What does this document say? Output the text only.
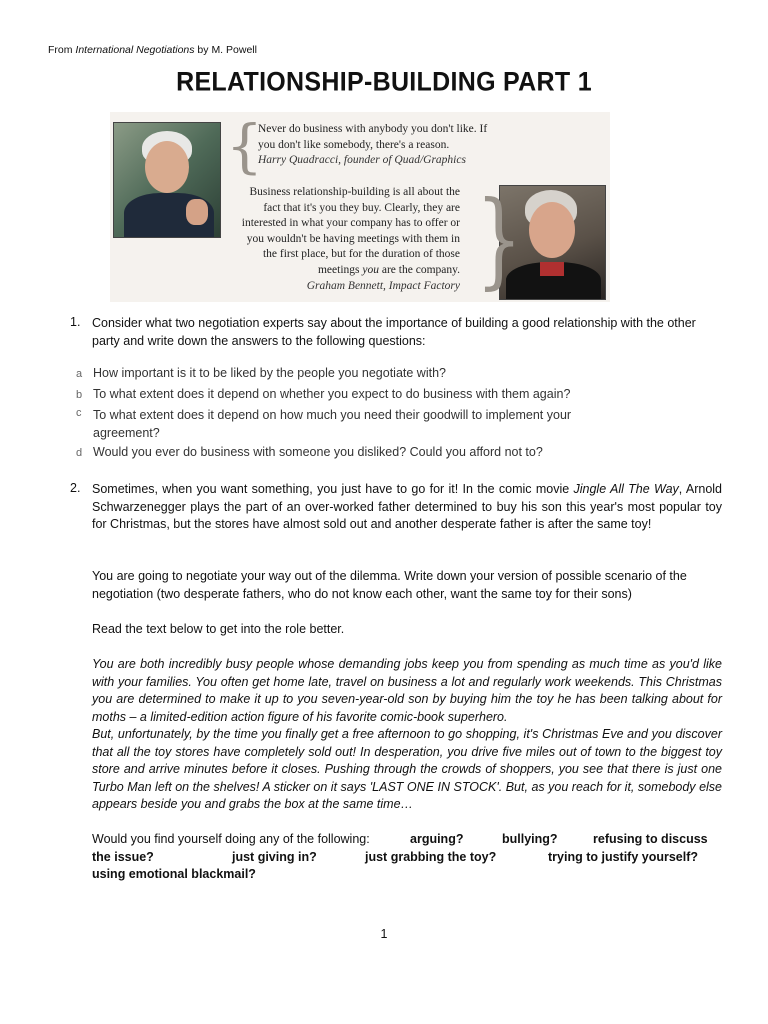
From International Negotiations by M. Powell
RELATIONSHIP-BUILDING PART 1
{
}
Never do business with anybody you don't like. If you don't like somebody, there's a reason.
Harry Quadracci, founder of Quad/Graphics
Business relationship-building is all about the fact that it's you they buy. Clearly, they are interested in what your company has to offer or you wouldn't be having meetings with them in the first place, but for the duration of those meetings you are the company.
Graham Bennett, Impact Factory
1. Consider what two negotiation experts say about the importance of building a good relationship with the other party and write down the answers to the following questions:
a How important is it to be liked by the people you negotiate with?
b To what extent does it depend on whether you expect to do business with them again?
c To what extent does it depend on how much you need their goodwill to implement your agreement?
d Would you ever do business with someone you disliked? Could you afford not to?
2. Sometimes, when you want something, you just have to go for it! In the comic movie Jingle All The Way, Arnold Schwarzenegger plays the part of an over-worked father determined to buy his son this year's most popular toy for Christmas, but the stores have almost sold out and another desperate father is after the same toy!
You are going to negotiate your way out of the dilemma. Write down your version of possible scenario of the negotiation (two desperate fathers, who do not know each other, want the same toy for their sons)
Read the text below to get into the role better.
You are both incredibly busy people whose demanding jobs keep you from spending as much time as you'd like with your families. You often get home late, travel on business a lot and regularly work weekends. This Christmas you are determined to make it up to you seven-year-old son by buying him the toy he has been talking about for moths – a limited-edition action figure of his favorite comic-book superhero.
But, unfortunately, by the time you finally get a free afternoon to go shopping, it's Christmas Eve and you discover that all the toy stores have completely sold out! In desperation, you drive five miles out of town to the biggest toy store and arrive minutes before it closes. Pushing through the crowds of shoppers, you see that there is just one Turbo Man left on the shelves! A sticker on it says 'LAST ONE IN STOCK'. But, as you reach for it, somebody else appears beside you and grabs the box at the same time…
Would you find yourself doing any of the following:	arguing?	bullying?	refusing to discuss
the issue?	just giving in?	just grabbing the toy?	trying to justify yourself?
using emotional blackmail?
1
